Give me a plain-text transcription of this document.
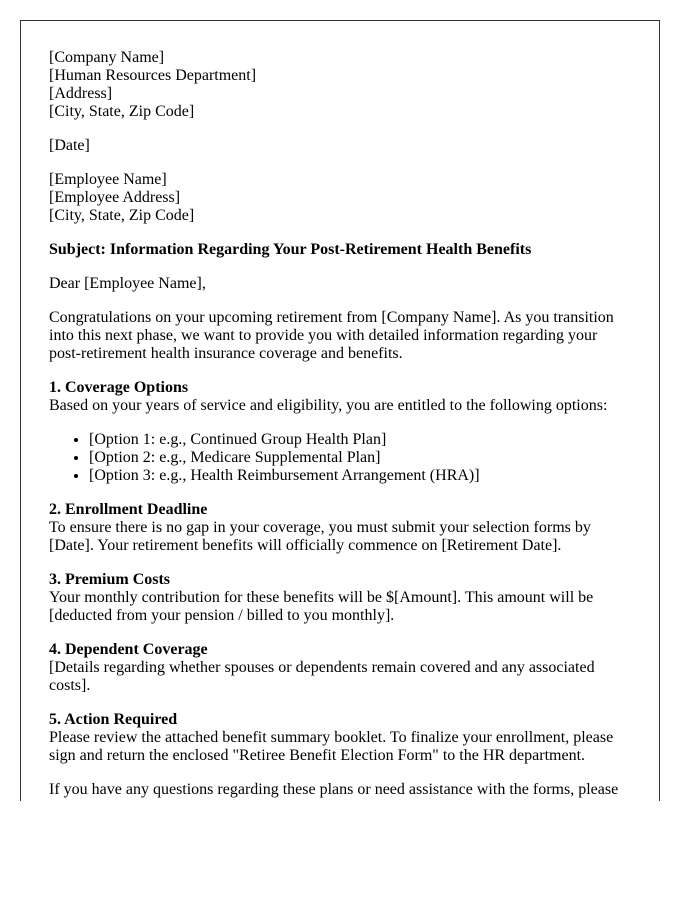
[Company Name]
[Human Resources Department]
[Address]
[City, State, Zip Code]
[Date]
[Employee Name]
[Employee Address]
[City, State, Zip Code]

Subject: Information Regarding Your Post-Retirement Health Benefits

Dear [Employee Name],

Congratulations on your upcoming retirement from [Company Name]. As you transition into this next phase, we want to provide you with detailed information regarding your post-retirement health insurance coverage and benefits.

1. Coverage Options
Based on your years of service and eligibility, you are entitled to the following options:
• [Option 1: e.g., Continued Group Health Plan]
• [Option 2: e.g., Medicare Supplemental Plan]
• [Option 3: e.g., Health Reimbursement Arrangement (HRA)]

2. Enrollment Deadline
To ensure there is no gap in your coverage, you must submit your selection forms by [Date]. Your retirement benefits will officially commence on [Retirement Date].

3. Premium Costs
Your monthly contribution for these benefits will be $[Amount]. This amount will be [deducted from your pension / billed to you monthly].

4. Dependent Coverage
[Details regarding whether spouses or dependents remain covered and any associated costs].

5. Action Required
Please review the attached benefit summary booklet. To finalize your enrollment, please sign and return the enclosed "Retiree Benefit Election Form" to the HR department.

If you have any questions regarding these plans or need assistance with the forms, please
